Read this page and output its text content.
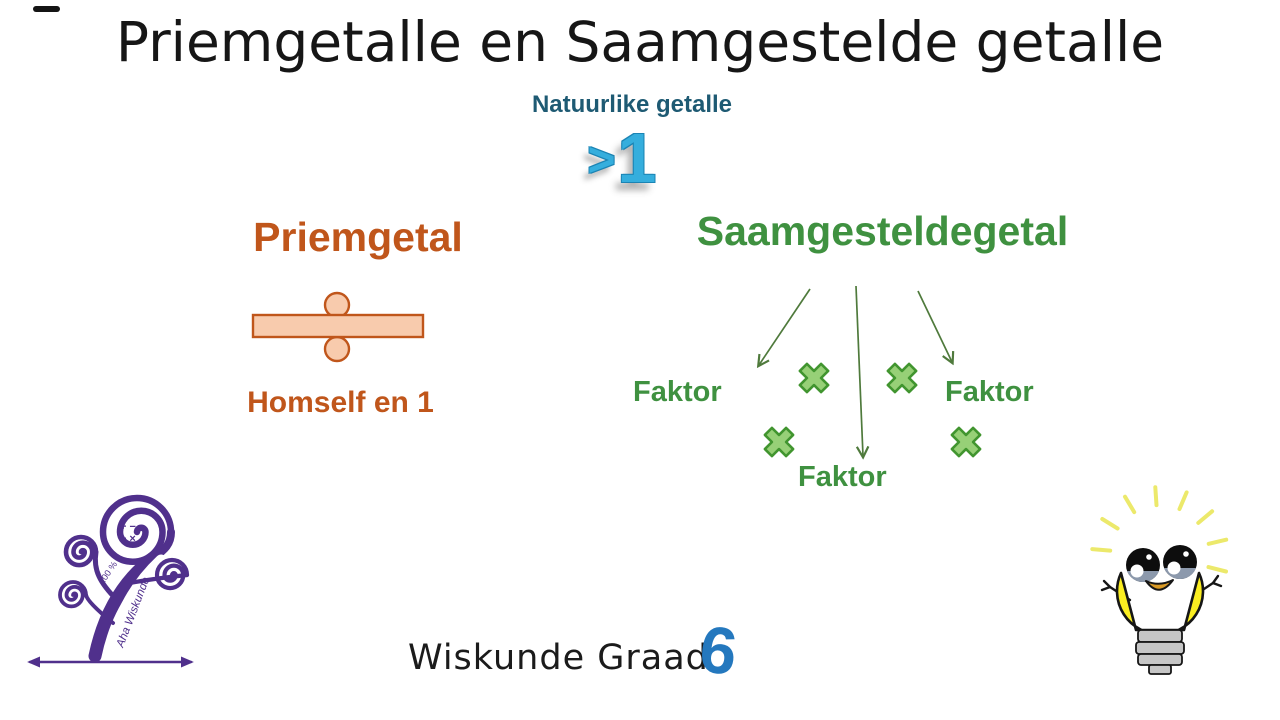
Priemgetalle en Saamgestelde getalle
Natuurlike getalle
>1
Priemgetal
Homself en 1
Saamgesteldegetal
Faktor	Faktor
Faktor
+ −
÷ ×
100 %
Aha Wiskunde
Wiskunde Graad
6
